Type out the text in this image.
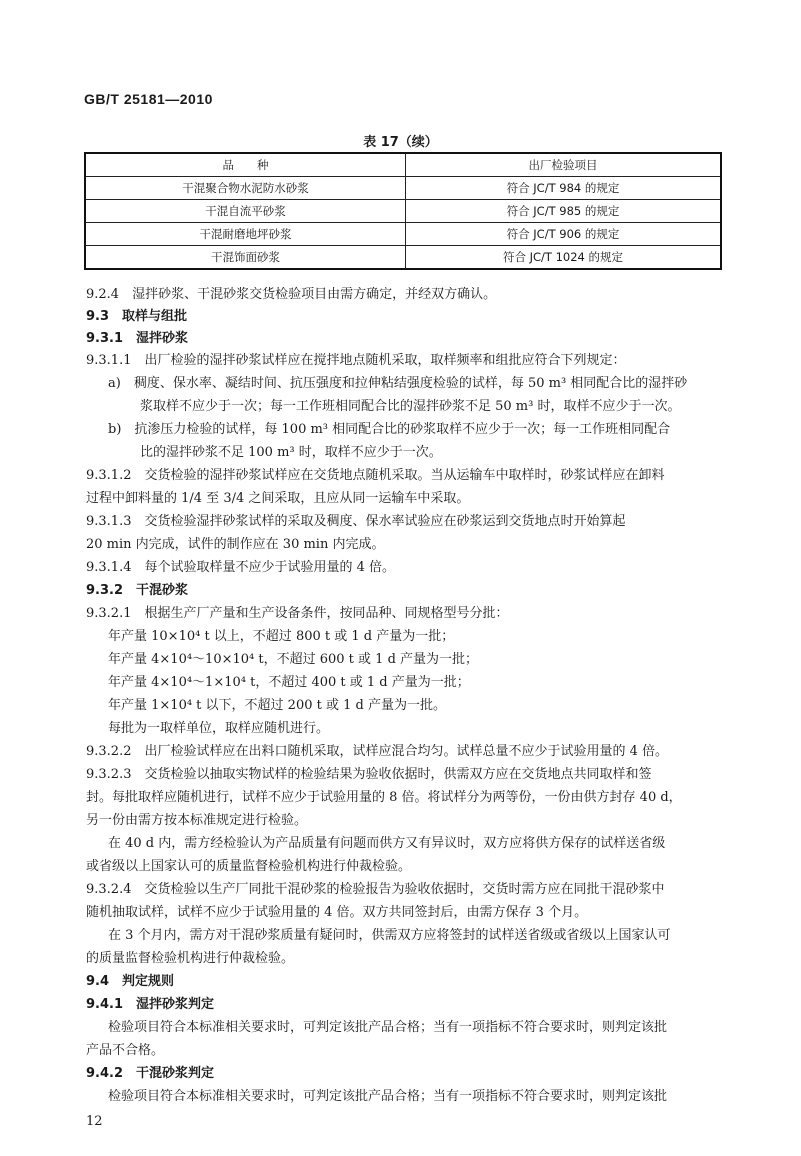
GB/T 25181—2010
表 17（续）
品　　种	出厂检验项目
干混聚合物水泥防水砂浆	符合 JC/T 984 的规定
干混自流平砂浆	符合 JC/T 985 的规定
干混耐磨地坪砂浆	符合 JC/T 906 的规定
干混饰面砂浆	符合 JC/T 1024 的规定
9.2.4　湿拌砂浆、干混砂浆交货检验项目由需方确定，并经双方确认。
9.3　取样与组批
9.3.1　湿拌砂浆
9.3.1.1　出厂检验的湿拌砂浆试样应在搅拌地点随机采取，取样频率和组批应符合下列规定：
a)　稠度、保水率、凝结时间、抗压强度和拉伸粘结强度检验的试样，每 50 m³ 相同配合比的湿拌砂
浆取样不应少于一次；每一工作班相同配合比的湿拌砂浆不足 50 m³ 时，取样不应少于一次。
b)　抗渗压力检验的试样，每 100 m³ 相同配合比的砂浆取样不应少于一次；每一工作班相同配合
比的湿拌砂浆不足 100 m³ 时，取样不应少于一次。
9.3.1.2　交货检验的湿拌砂浆试样应在交货地点随机采取。当从运输车中取样时，砂浆试样应在卸料
过程中卸料量的 1/4 至 3/4 之间采取，且应从同一运输车中采取。
9.3.1.3　交货检验湿拌砂浆试样的采取及稠度、保水率试验应在砂浆运到交货地点时开始算起
20 min 内完成，试件的制作应在 30 min 内完成。
9.3.1.4　每个试验取样量不应少于试验用量的 4 倍。
9.3.2　干混砂浆
9.3.2.1　根据生产厂产量和生产设备条件，按同品种、同规格型号分批：
年产量 10×10⁴ t 以上，不超过 800 t 或 1 d 产量为一批；
年产量 4×10⁴～10×10⁴ t，不超过 600 t 或 1 d 产量为一批；
年产量 4×10⁴～1×10⁴ t，不超过 400 t 或 1 d 产量为一批；
年产量 1×10⁴ t 以下，不超过 200 t 或 1 d 产量为一批。
每批为一取样单位，取样应随机进行。
9.3.2.2　出厂检验试样应在出料口随机采取，试样应混合均匀。试样总量不应少于试验用量的 4 倍。
9.3.2.3　交货检验以抽取实物试样的检验结果为验收依据时，供需双方应在交货地点共同取样和签
封。每批取样应随机进行，试样不应少于试验用量的 8 倍。将试样分为两等份，一份由供方封存 40 d，
另一份由需方按本标准规定进行检验。
在 40 d 内，需方经检验认为产品质量有问题而供方又有异议时，双方应将供方保存的试样送省级
或省级以上国家认可的质量监督检验机构进行仲裁检验。
9.3.2.4　交货检验以生产厂同批干混砂浆的检验报告为验收依据时，交货时需方应在同批干混砂浆中
随机抽取试样，试样不应少于试验用量的 4 倍。双方共同签封后，由需方保存 3 个月。
在 3 个月内，需方对干混砂浆质量有疑问时，供需双方应将签封的试样送省级或省级以上国家认可
的质量监督检验机构进行仲裁检验。
9.4　判定规则
9.4.1　湿拌砂浆判定
检验项目符合本标准相关要求时，可判定该批产品合格；当有一项指标不符合要求时，则判定该批
产品不合格。
9.4.2　干混砂浆判定
检验项目符合本标准相关要求时，可判定该批产品合格；当有一项指标不符合要求时，则判定该批
12
